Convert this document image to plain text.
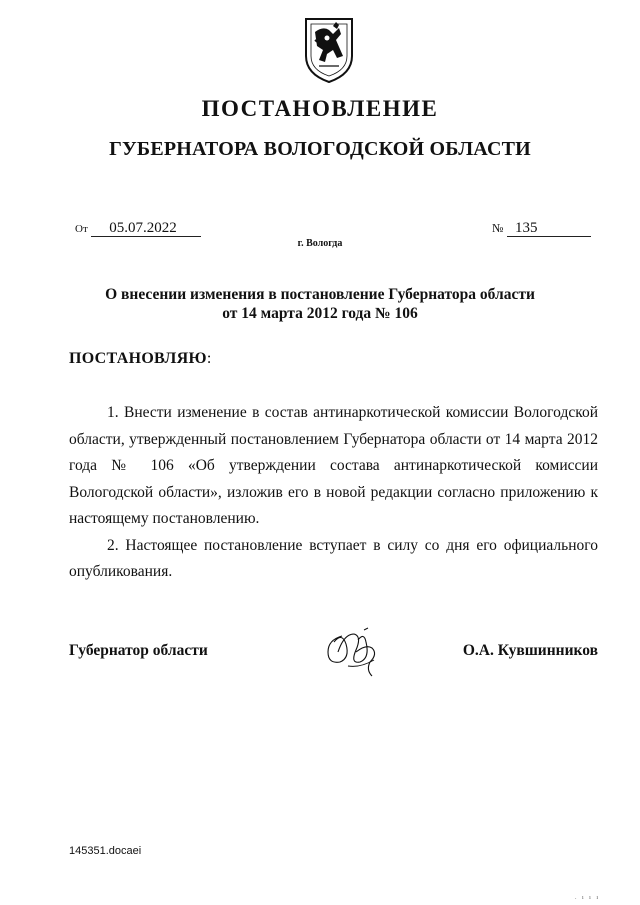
ПОСТАНОВЛЕНИЕ
ГУБЕРНАТОРА ВОЛОГОДСКОЙ ОБЛАСТИ
От 05.07.2022	№ 135
г. Вологда
О внесении изменения в постановление Губернатора области
от 14 марта 2012 года № 106

ПОСТАНОВЛЯЮ:

1. Внести изменение в состав антинаркотической комиссии Вологодской области, утвержденный постановлением Губернатора области от 14 марта 2012 года № 106 «Об утверждении состава антинаркотической комиссии Вологодской области», изложив его в новой редакции согласно приложению к настоящему постановлению.

2. Настоящее постановление вступает в силу со дня его официального опубликования.

Губернатор области	О.А. Кувшинников
145351.docaei
. ı ı ı
